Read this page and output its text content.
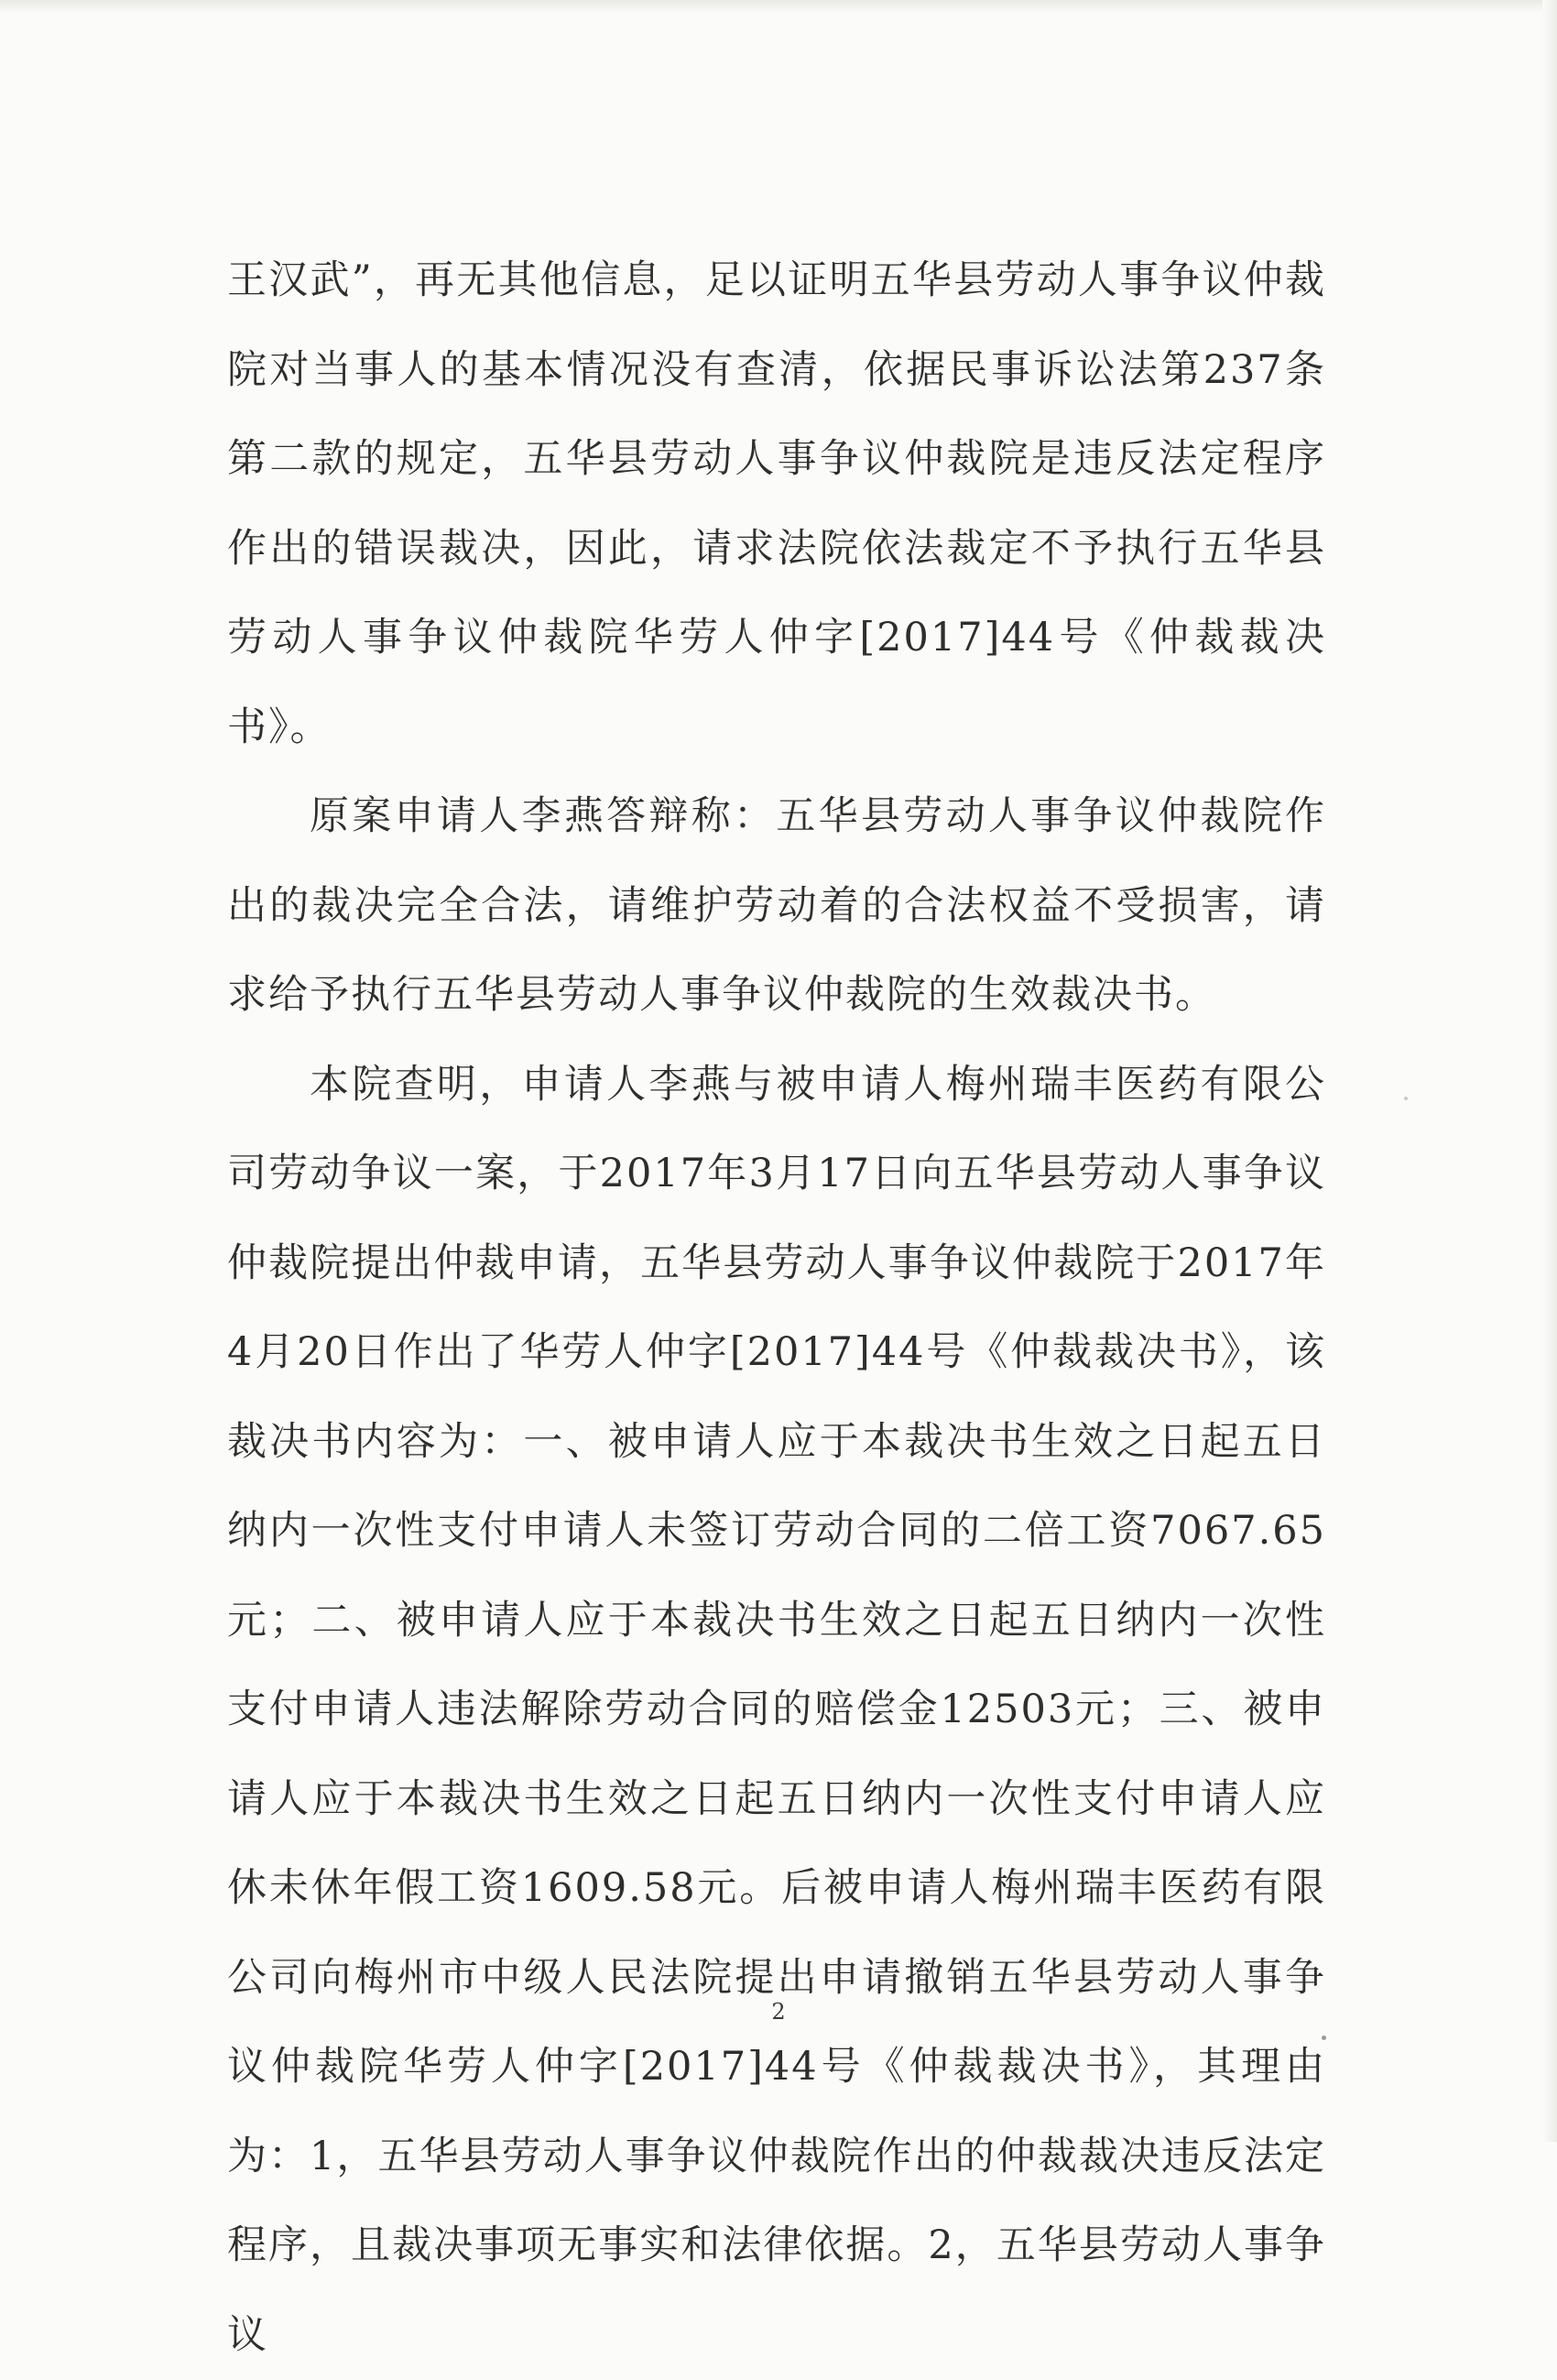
王汉武”，再无其他信息，足以证明五华县劳动人事争议仲裁院对当事人的基本情况没有查清，依据民事诉讼法第237条第二款的规定，五华县劳动人事争议仲裁院是违反法定程序作出的错误裁决，因此，请求法院依法裁定不予执行五华县劳动人事争议仲裁院华劳人仲字[2017]44号《仲裁裁决书》。

原案申请人李燕答辩称：五华县劳动人事争议仲裁院作出的裁决完全合法，请维护劳动着的合法权益不受损害，请求给予执行五华县劳动人事争议仲裁院的生效裁决书。

本院查明，申请人李燕与被申请人梅州瑞丰医药有限公司劳动争议一案，于2017年3月17日向五华县劳动人事争议仲裁院提出仲裁申请，五华县劳动人事争议仲裁院于2017年4月20日作出了华劳人仲字[2017]44号《仲裁裁决书》，该裁决书内容为：一、被申请人应于本裁决书生效之日起五日纳内一次性支付申请人未签订劳动合同的二倍工资7067.65元；二、被申请人应于本裁决书生效之日起五日纳内一次性支付申请人违法解除劳动合同的赔偿金12503元；三、被申请人应于本裁决书生效之日起五日纳内一次性支付申请人应休未休年假工资1609.58元。后被申请人梅州瑞丰医药有限公司向梅州市中级人民法院提出申请撤销五华县劳动人事争议仲裁院华劳人仲字[2017]44号《仲裁裁决书》，其理由为：1，五华县劳动人事争议仲裁院作出的仲裁裁决违反法定程序，且裁决事项无事实和法律依据。2，五华县劳动人事争议

2
